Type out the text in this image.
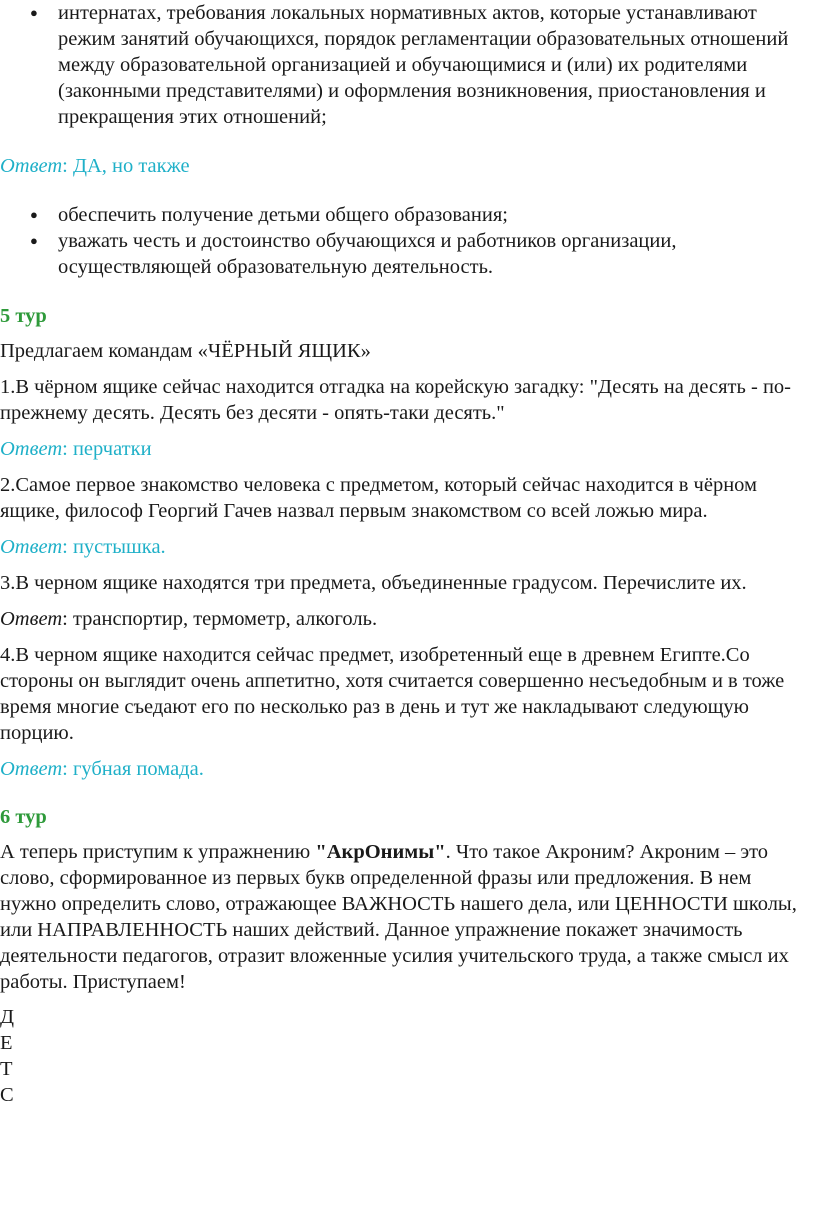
● интернатах, требования локальных нормативных актов, которые устанавливают режим занятий обучающихся, порядок регламентации образовательных отношений между образовательной организацией и обучающимися и (или) их родителями (законными представителями) и оформления возникновения, приостановления и прекращения этих отношений;

Ответ: ДА, но также

● обеспечить получение детьми общего образования;
● уважать честь и достоинство обучающихся и работников организации, осуществляющей образовательную деятельность.

5 тур

Предлагаем командам «ЧЁРНЫЙ ЯЩИК»

1.В чёрном ящике сейчас находится отгадка на корейскую загадку: "Десять на десять - по-прежнему десять. Десять без десяти - опять-таки десять."

Ответ: перчатки

2.Самое первое знакомство человека с предметом, который сейчас находится в чёрном ящике, философ Георгий Гачев назвал первым знакомством со всей ложью мира.

Ответ: пустышка.

3.В черном ящике находятся три предмета, объединенные градусом. Перечислите их.

Ответ: транспортир, термометр, алкоголь.

4.В черном ящике находится сейчас предмет, изобретенный еще в древнем Египте.Со стороны он выглядит очень аппетитно, хотя считается совершенно несъедобным и в тоже время многие съедают его по несколько раз в день и тут же накладывают следующую порцию.

Ответ: губная помада.

6 тур

А теперь приступим к упражнению "АкрОнимы". Что такое Акроним? Акроним – это слово, сформированное из первых букв определенной фразы или предложения. В нем нужно определить слово, отражающее ВАЖНОСТЬ нашего дела, или ЦЕННОСТИ школы, или НАПРАВЛЕННОСТЬ наших действий. Данное упражнение покажет значимость деятельности педагогов, отразит вложенные усилия учительского труда, а также смысл их работы. Приступаем!

Д
Е
Т
С
